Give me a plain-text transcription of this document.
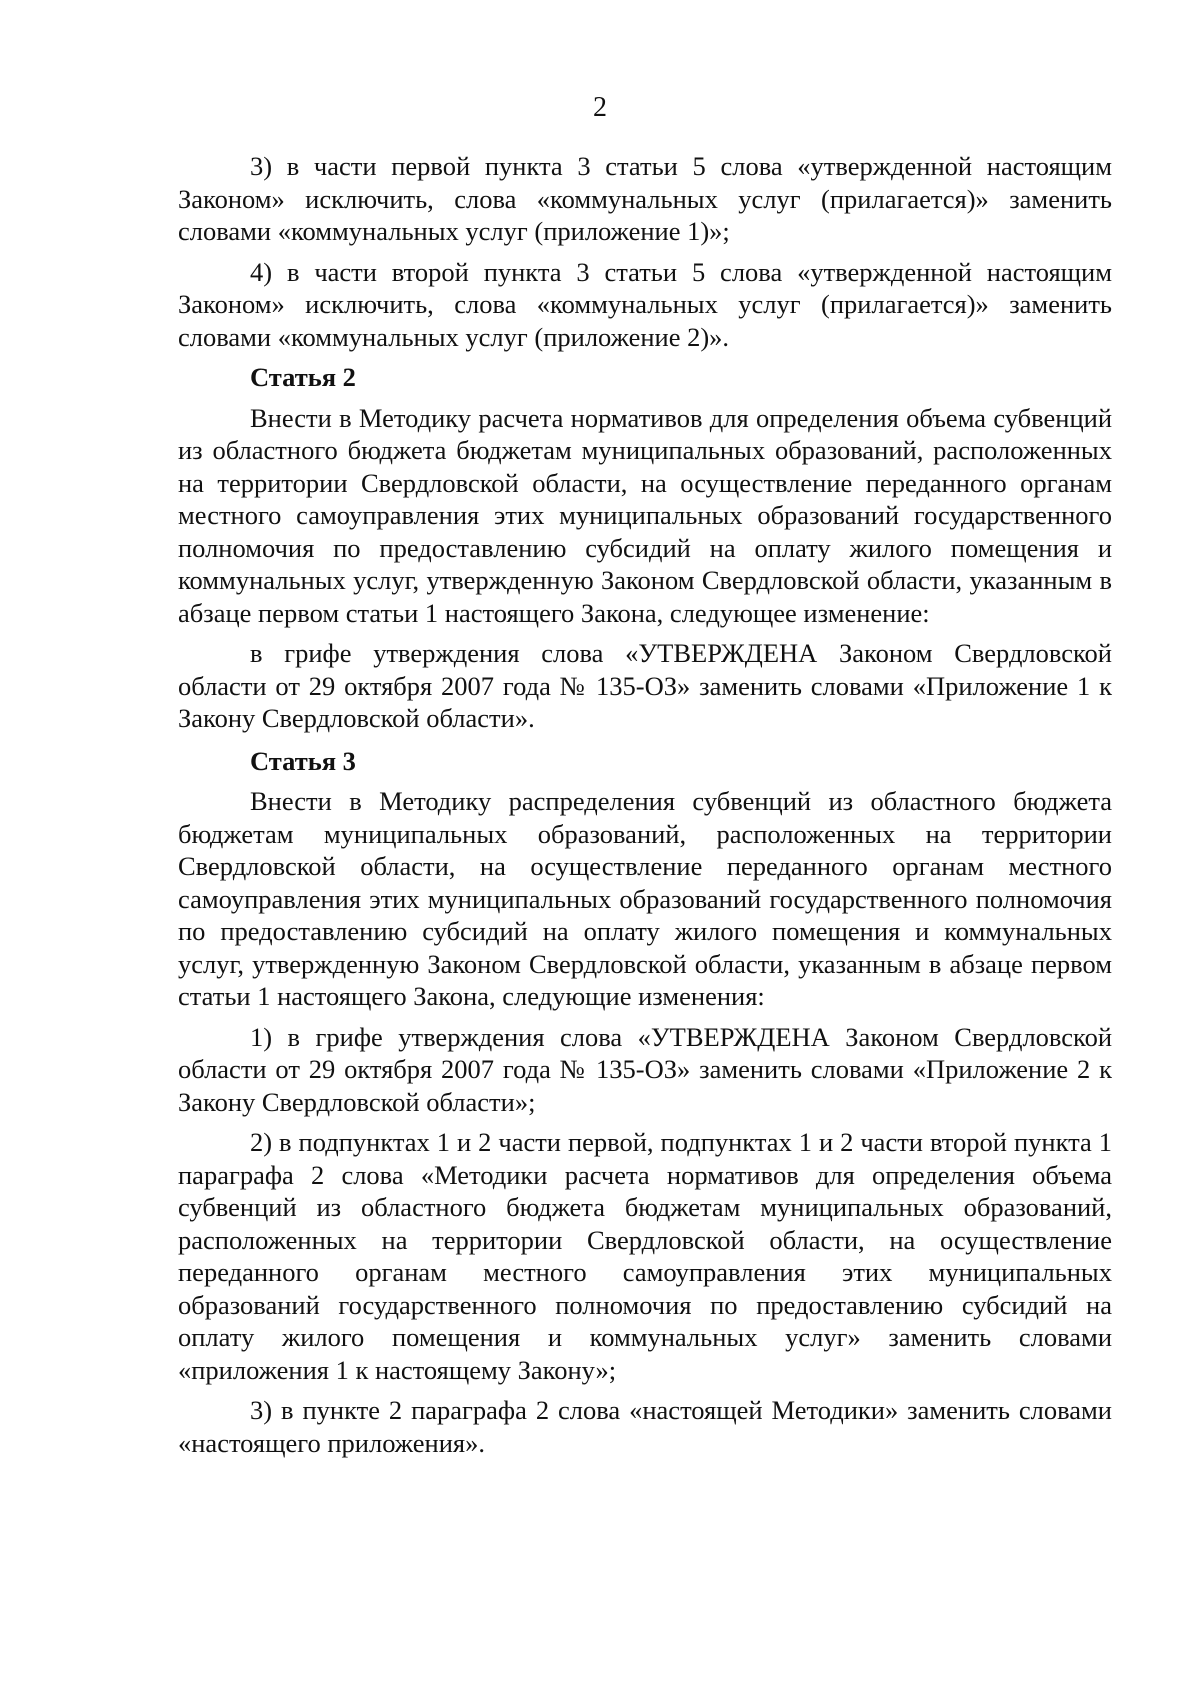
2

3) в части первой пункта 3 статьи 5 слова «утвержденной настоящим Законом» исключить, слова «коммунальных услуг (прилагается)» заменить словами «коммунальных услуг (приложение 1)»;

4) в части второй пункта 3 статьи 5 слова «утвержденной настоящим Законом» исключить, слова «коммунальных услуг (прилагается)» заменить словами «коммунальных услуг (приложение 2)».

Статья 2

Внести в Методику расчета нормативов для определения объема субвенций из областного бюджета бюджетам муниципальных образований, расположенных на территории Свердловской области, на осуществление переданного органам местного самоуправления этих муниципальных образований государственного полномочия по предоставлению субсидий на оплату жилого помещения и коммунальных услуг, утвержденную Законом Свердловской области, указанным в абзаце первом статьи 1 настоящего Закона, следующее изменение:

в грифе утверждения слова «УТВЕРЖДЕНА Законом Свердловской области от 29 октября 2007 года № 135-ОЗ» заменить словами «Приложение 1 к Закону Свердловской области».

Статья 3

Внести в Методику распределения субвенций из областного бюджета бюджетам муниципальных образований, расположенных на территории Свердловской области, на осуществление переданного органам местного самоуправления этих муниципальных образований государственного полномочия по предоставлению субсидий на оплату жилого помещения и коммунальных услуг, утвержденную Законом Свердловской области, указанным в абзаце первом статьи 1 настоящего Закона, следующие изменения:

1) в грифе утверждения слова «УТВЕРЖДЕНА Законом Свердловской области от 29 октября 2007 года № 135-ОЗ» заменить словами «Приложение 2 к Закону Свердловской области»;

2) в подпунктах 1 и 2 части первой, подпунктах 1 и 2 части второй пункта 1 параграфа 2 слова «Методики расчета нормативов для определения объема субвенций из областного бюджета бюджетам муниципальных образований, расположенных на территории Свердловской области, на осуществление переданного органам местного самоуправления этих муниципальных образований государственного полномочия по предоставлению субсидий на оплату жилого помещения и коммунальных услуг» заменить словами «приложения 1 к настоящему Закону»;

3) в пункте 2 параграфа 2 слова «настоящей Методики» заменить словами «настоящего приложения».
